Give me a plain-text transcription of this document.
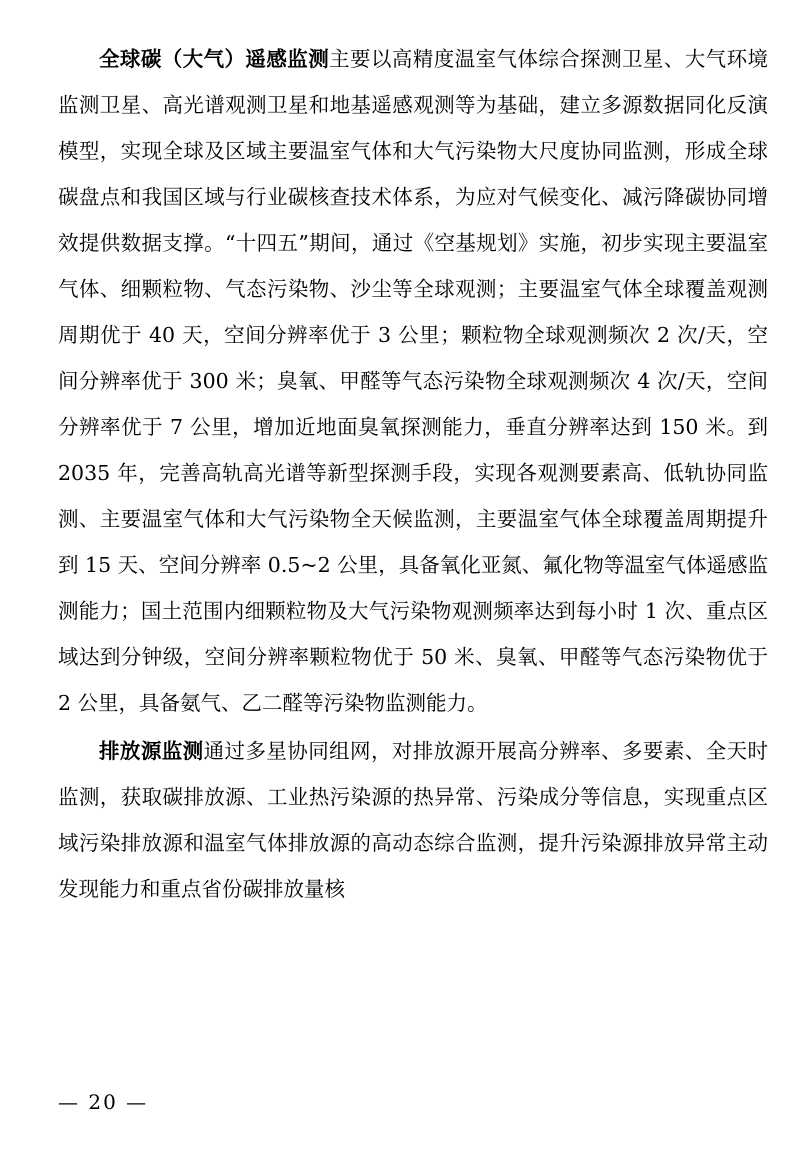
全球碳（大气）遥感监测主要以高精度温室气体综合探测卫星、大气环境监测卫星、高光谱观测卫星和地基遥感观测等为基础，建立多源数据同化反演模型，实现全球及区域主要温室气体和大气污染物大尺度协同监测，形成全球碳盘点和我国区域与行业碳核查技术体系，为应对气候变化、减污降碳协同增效提供数据支撑。“十四五”期间，通过《空基规划》实施，初步实现主要温室气体、细颗粒物、气态污染物、沙尘等全球观测；主要温室气体全球覆盖观测周期优于 40 天，空间分辨率优于 3 公里；颗粒物全球观测频次 2 次/天，空间分辨率优于 300 米；臭氧、甲醛等气态污染物全球观测频次 4 次/天，空间分辨率优于 7 公里，增加近地面臭氧探测能力，垂直分辨率达到 150 米。到 2035 年，完善高轨高光谱等新型探测手段，实现各观测要素高、低轨协同监测、主要温室气体和大气污染物全天候监测，主要温室气体全球覆盖周期提升到 15 天、空间分辨率 0.5~2 公里，具备氧化亚氮、氟化物等温室气体遥感监测能力；国土范围内细颗粒物及大气污染物观测频率达到每小时 1 次、重点区域达到分钟级，空间分辨率颗粒物优于 50 米、臭氧、甲醛等气态污染物优于 2 公里，具备氨气、乙二醛等污染物监测能力。

排放源监测通过多星协同组网，对排放源开展高分辨率、多要素、全天时监测，获取碳排放源、工业热污染源的热异常、污染成分等信息，实现重点区域污染排放源和温室气体排放源的高动态综合监测，提升污染源排放异常主动发现能力和重点省份碳排放量核

— 20 —
